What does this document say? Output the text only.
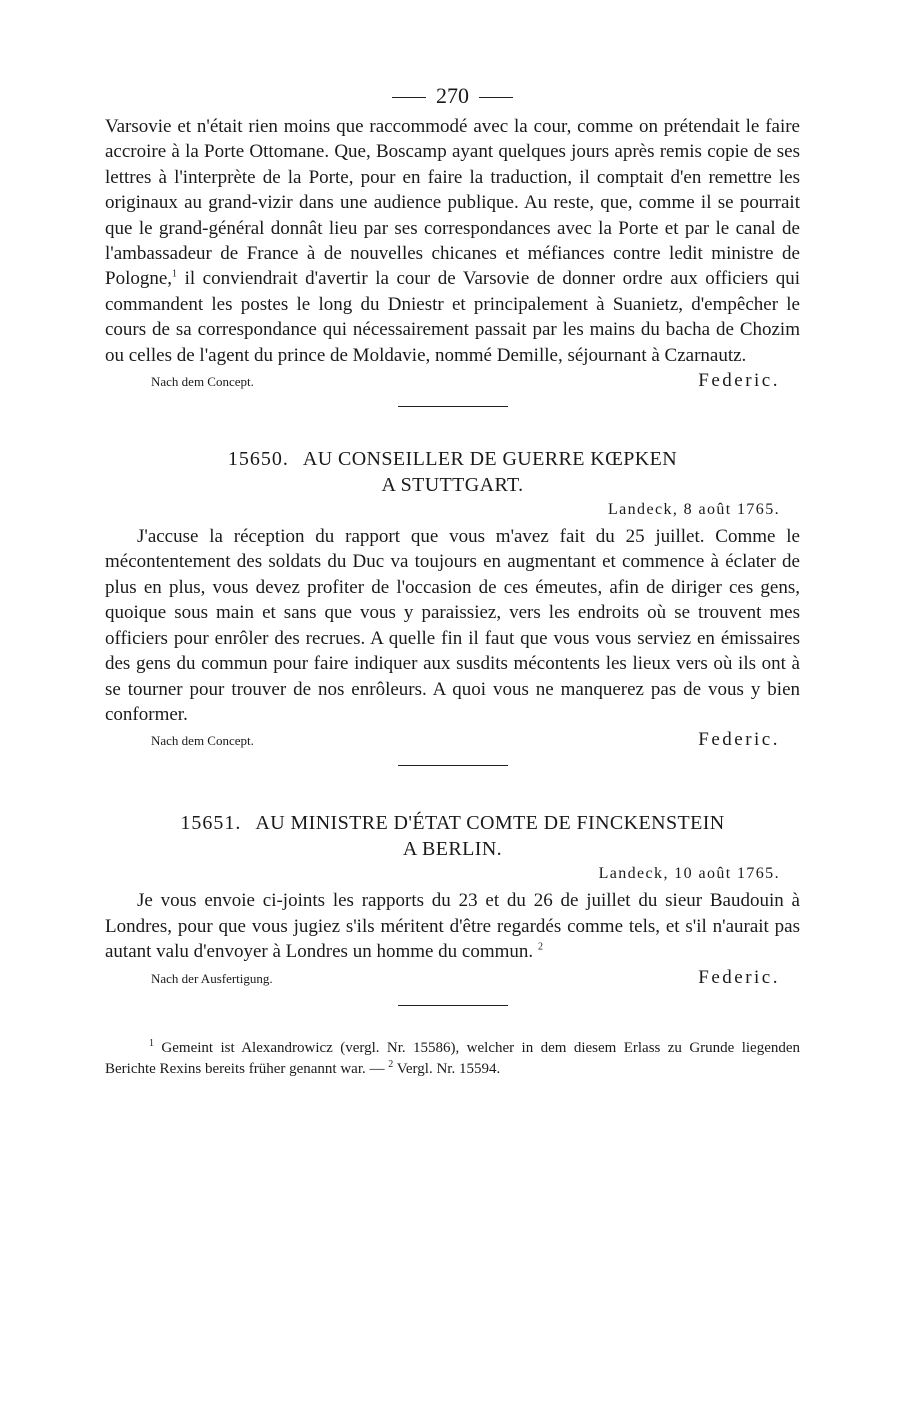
270

Varsovie et n'était rien moins que raccommodé avec la cour, comme on prétendait le faire accroire à la Porte Ottomane. Que, Boscamp ayant quelques jours après remis copie de ses lettres à l'interprète de la Porte, pour en faire la traduction, il comptait d'en remettre les originaux au grand-vizir dans une audience publique. Au reste, que, comme il se pourrait que le grand-général donnât lieu par ses correspondances avec la Porte et par le canal de l'ambassadeur de France à de nouvelles chicanes et méfiances contre ledit ministre de Pologne,$^1$ il conviendrait d'avertir la cour de Varsovie de donner ordre aux officiers qui commandent les postes le long du Dniestr et principalement à Suanietz, d'empêcher le cours de sa correspondance qui nécessairement passait par les mains du bacha de Chozim ou celles de l'agent du prince de Moldavie, nommé Demille, séjournant à Czarnautz.

Nach dem Concept.	Federic.
15650. AU CONSEILLER DE GUERRE KŒPKEN
A STUTTGART.
Landeck, 8 août 1765.

J'accuse la réception du rapport que vous m'avez fait du 25 juillet. Comme le mécontentement des soldats du Duc va toujours en augmentant et commence à éclater de plus en plus, vous devez profiter de l'occasion de ces émeutes, afin de diriger ces gens, quoique sous main et sans que vous y paraissiez, vers les endroits où se trouvent mes officiers pour enrôler des recrues. A quelle fin il faut que vous vous serviez en émissaires des gens du commun pour faire indiquer aux susdits mécontents les lieux vers où ils ont à se tourner pour trouver de nos enrôleurs. A quoi vous ne manquerez pas de vous y bien conformer.

Nach dem Concept.	Federic.
15651. AU MINISTRE D'ÉTAT COMTE DE FINCKENSTEIN
A BERLIN.
Landeck, 10 août 1765.

Je vous envoie ci-joints les rapports du 23 et du 26 de juillet du sieur Baudouin à Londres, pour que vous jugiez s'ils méritent d'être regardés comme tels, et s'il n'aurait pas autant valu d'envoyer à Londres un homme du commun. $^2$

Nach der Ausfertigung.	Federic.

$^1$ Gemeint ist Alexandrowicz (vergl. Nr. 15586), welcher in dem diesem Erlass zu Grunde liegenden Berichte Rexins bereits früher genannt war. — $^2$ Vergl. Nr. 15594.
